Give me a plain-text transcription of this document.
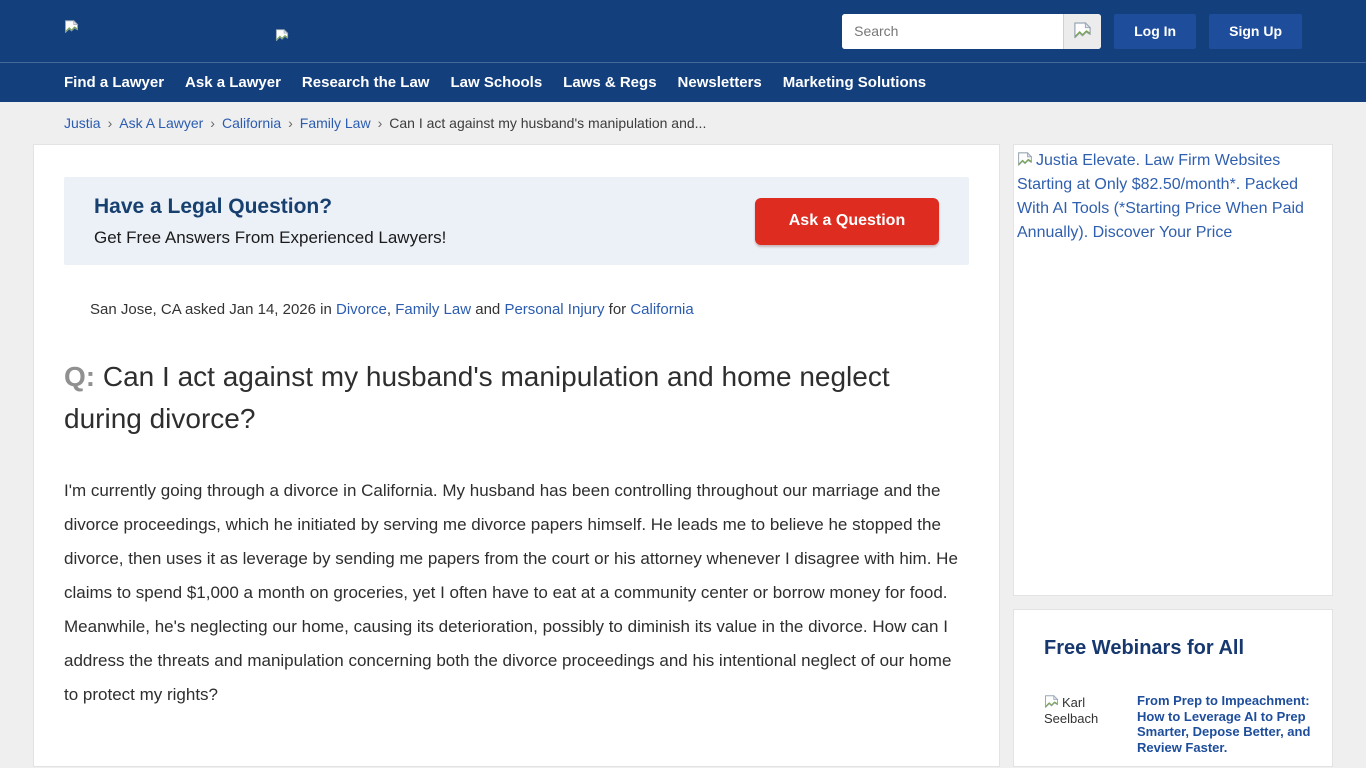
Search
Log In	Sign Up
Find a Lawyer Ask a Lawyer Research the Law Law Schools Laws & Regs Newsletters Marketing Solutions
Justia › Ask A Lawyer › California › Family Law › Can I act against my husband's manipulation and...
Have a Legal Question?
Get Free Answers From Experienced Lawyers!
Ask a Question
San Jose, CA asked Jan 14, 2026 in Divorce, Family Law and Personal Injury for California
Q: Can I act against my husband's manipulation and home neglect during divorce?

I'm currently going through a divorce in California. My husband has been controlling throughout our marriage and the divorce proceedings, which he initiated by serving me divorce papers himself. He leads me to believe he stopped the divorce, then uses it as leverage by sending me papers from the court or his attorney whenever I disagree with him. He claims to spend $1,000 a month on groceries, yet I often have to eat at a community center or borrow money for food. Meanwhile, he's neglecting our home, causing its deterioration, possibly to diminish its value in the divorce. How can I address the threats and manipulation concerning both the divorce proceedings and his intentional neglect of our home to protect my rights?

Justia Elevate. Law Firm Websites Starting at Only $82.50/month*. Packed With AI Tools (*Starting Price When Paid Annually). Discover Your Price
Free Webinars for All
Karl Seelbach
From Prep to Impeachment: How to Leverage AI to Prep Smarter, Depose Better, and Review Faster.
